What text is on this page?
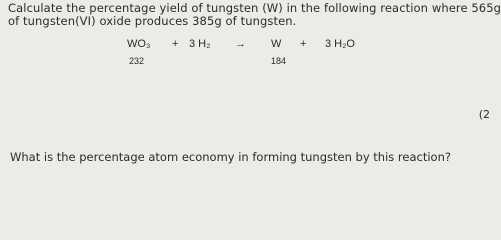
Calculate the percentage yield of tungsten (W) in the following reaction where 565g
of tungsten(VI) oxide produces 385g of tungsten.
WO₃ + 3 H₂ → W + 3 H₂O
232	184
(2
What is the percentage atom economy in forming tungsten by this reaction?
